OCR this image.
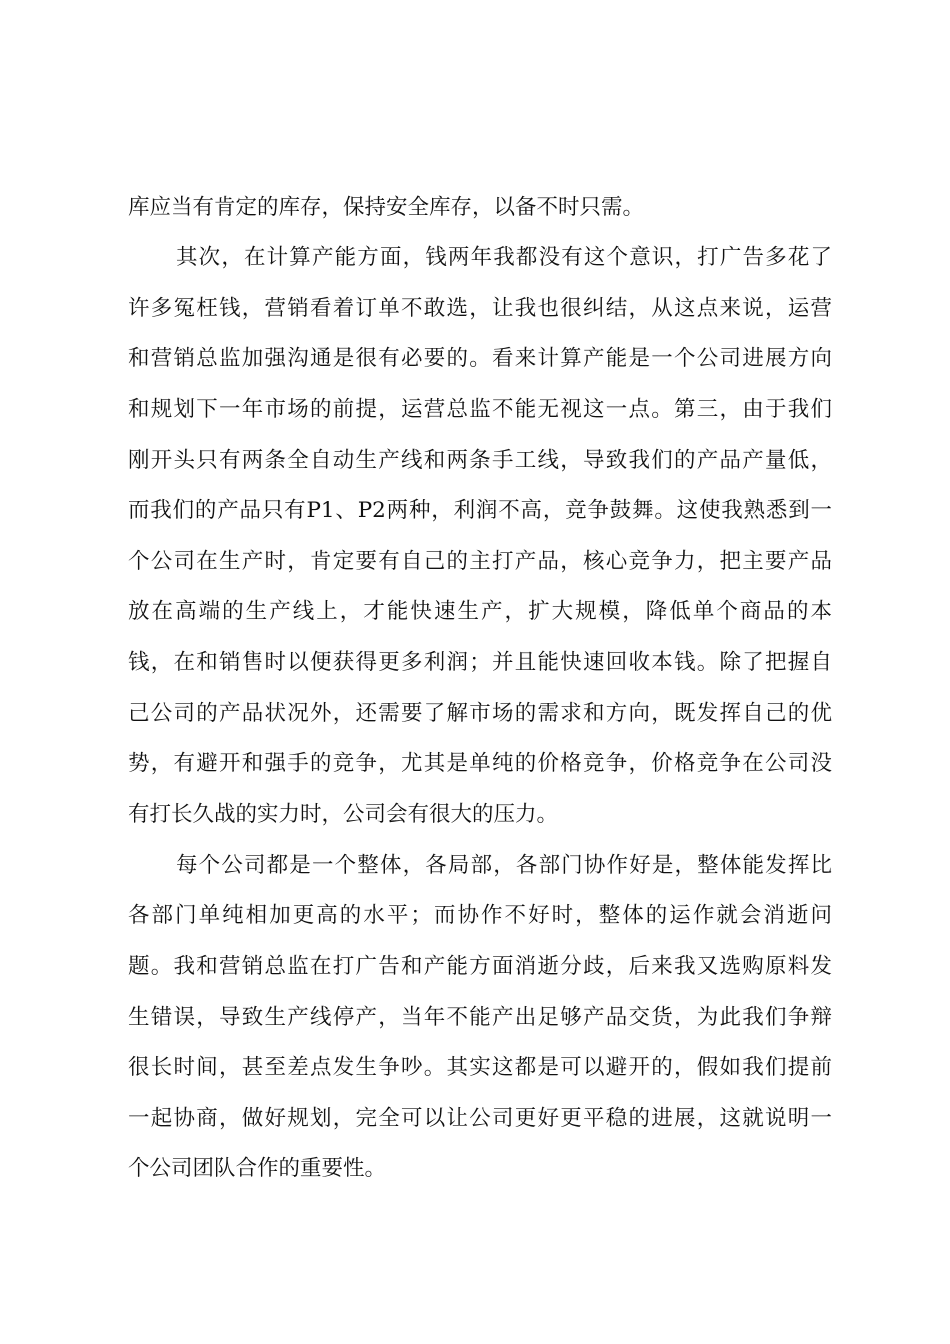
库应当有肯定的库存，保持安全库存，以备不时只需。
其次，在计算产能方面，钱两年我都没有这个意识，打广告多花了
许多冤枉钱，营销看着订单不敢选，让我也很纠结，从这点来说，运营
和营销总监加强沟通是很有必要的。看来计算产能是一个公司进展方向
和规划下一年市场的前提，运营总监不能无视这一点。第三，由于我们
刚开头只有两条全自动生产线和两条手工线，导致我们的产品产量低，
而我们的产品只有P1、P2两种，利润不高，竞争鼓舞。这使我熟悉到一
个公司在生产时，肯定要有自己的主打产品，核心竞争力，把主要产品
放在高端的生产线上，才能快速生产，扩大规模，降低单个商品的本
钱，在和销售时以便获得更多利润；并且能快速回收本钱。除了把握自
己公司的产品状况外，还需要了解市场的需求和方向，既发挥自己的优
势，有避开和强手的竞争，尤其是单纯的价格竞争，价格竞争在公司没
有打长久战的实力时，公司会有很大的压力。
每个公司都是一个整体，各局部，各部门协作好是，整体能发挥比
各部门单纯相加更高的水平；而协作不好时，整体的运作就会消逝问
题。我和营销总监在打广告和产能方面消逝分歧，后来我又选购原料发
生错误，导致生产线停产，当年不能产出足够产品交货，为此我们争辩
很长时间，甚至差点发生争吵。其实这都是可以避开的，假如我们提前
一起协商，做好规划，完全可以让公司更好更平稳的进展，这就说明一
个公司团队合作的重要性。
